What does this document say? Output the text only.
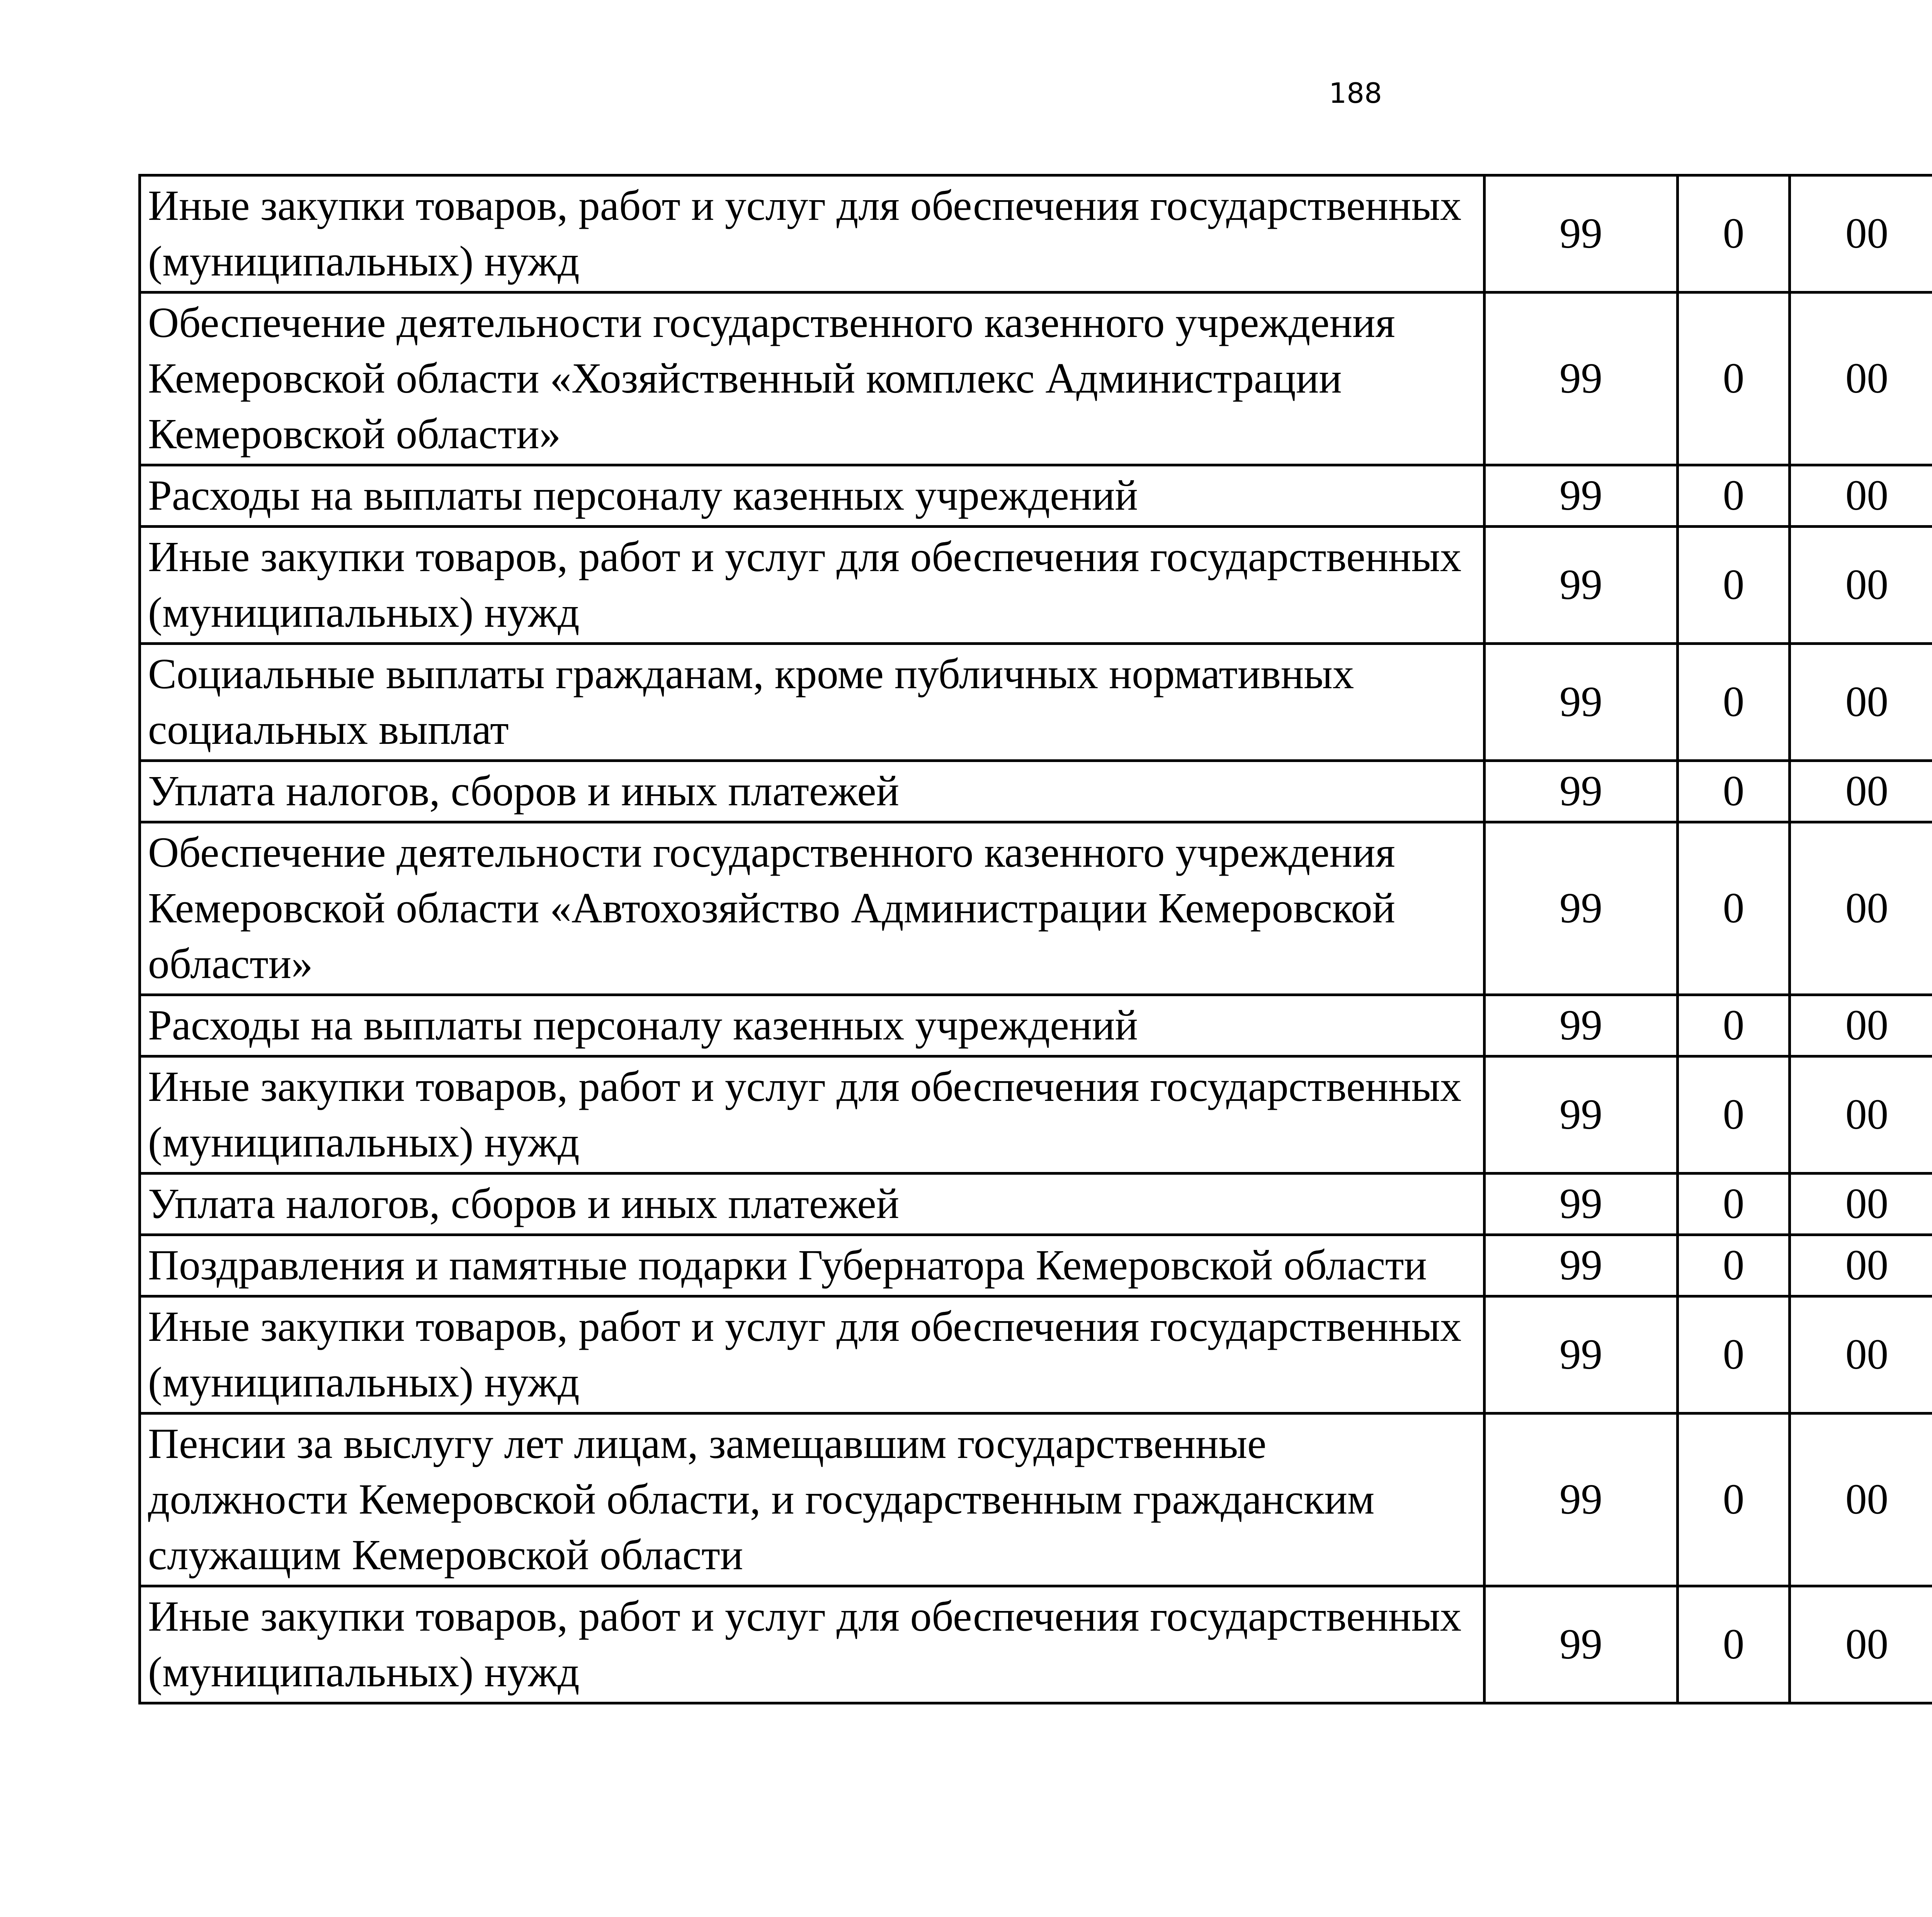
188
Иные закупки товаров, работ и услуг для обеспечения государственных (муниципальных) нужд	99	0	00			
Обеспечение деятельности государственного казенного учреждения Кемеровской области «Хозяйственный комплекс Администрации Кемеровской области»	99	0	00			
Расходы на выплаты персоналу казенных учреждений	99	0	00			
Иные закупки товаров, работ и услуг для обеспечения государственных (муниципальных) нужд	99	0	00			
Социальные выплаты гражданам, кроме публичных нормативных социальных выплат	99	0	00			
Уплата налогов, сборов и иных платежей	99	0	00			
Обеспечение деятельности государственного казенного учреждения Кемеровской области «Автохозяйство Администрации Кемеровской области»	99	0	00			
Расходы на выплаты персоналу казенных учреждений	99	0	00			
Иные закупки товаров, работ и услуг для обеспечения государственных (муниципальных) нужд	99	0	00			
Уплата налогов, сборов и иных платежей	99	0	00			
Поздравления и памятные подарки Губернатора Кемеровской области	99	0	00			
Иные закупки товаров, работ и услуг для обеспечения государственных (муниципальных) нужд	99	0	00			
Пенсии за выслугу лет лицам, замещавшим государственные должности Кемеровской области, и государственным гражданским служащим Кемеровской области	99	0	00			
Иные закупки товаров, работ и услуг для обеспечения государственных (муниципальных) нужд	99	0	00			
